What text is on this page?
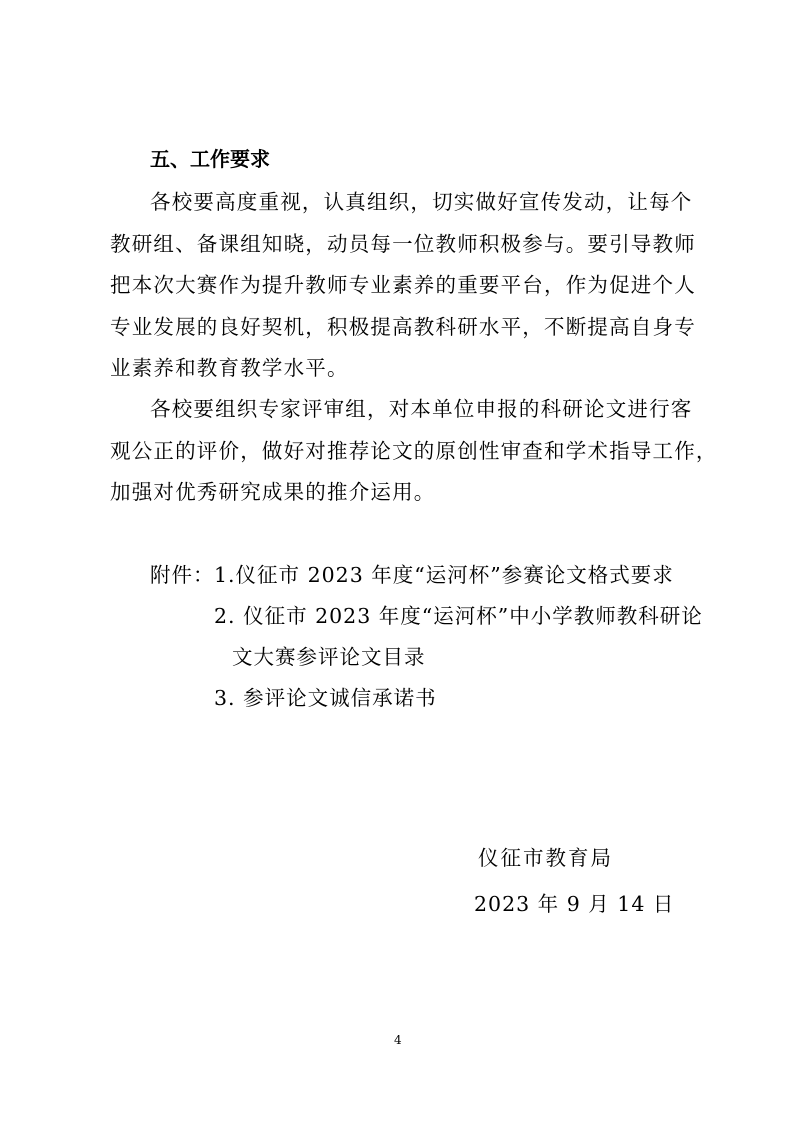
五、工作要求
各校要高度重视，认真组织，切实做好宣传发动，让每个
教研组、备课组知晓，动员每一位教师积极参与。要引导教师
把本次大赛作为提升教师专业素养的重要平台，作为促进个人
专业发展的良好契机，积极提高教科研水平，不断提高自身专
业素养和教育教学水平。
各校要组织专家评审组，对本单位申报的科研论文进行客
观公正的评价，做好对推荐论文的原创性审查和学术指导工作，
加强对优秀研究成果的推介运用。
附件： 1.仪征市 2023 年度“运河杯”参赛论文格式要求
2. 仪征市 2023 年度“运河杯”中小学教师教科研论
文大赛参评论文目录
3. 参评论文诚信承诺书
仪征市教育局
2023 年 9 月 14 日
4
